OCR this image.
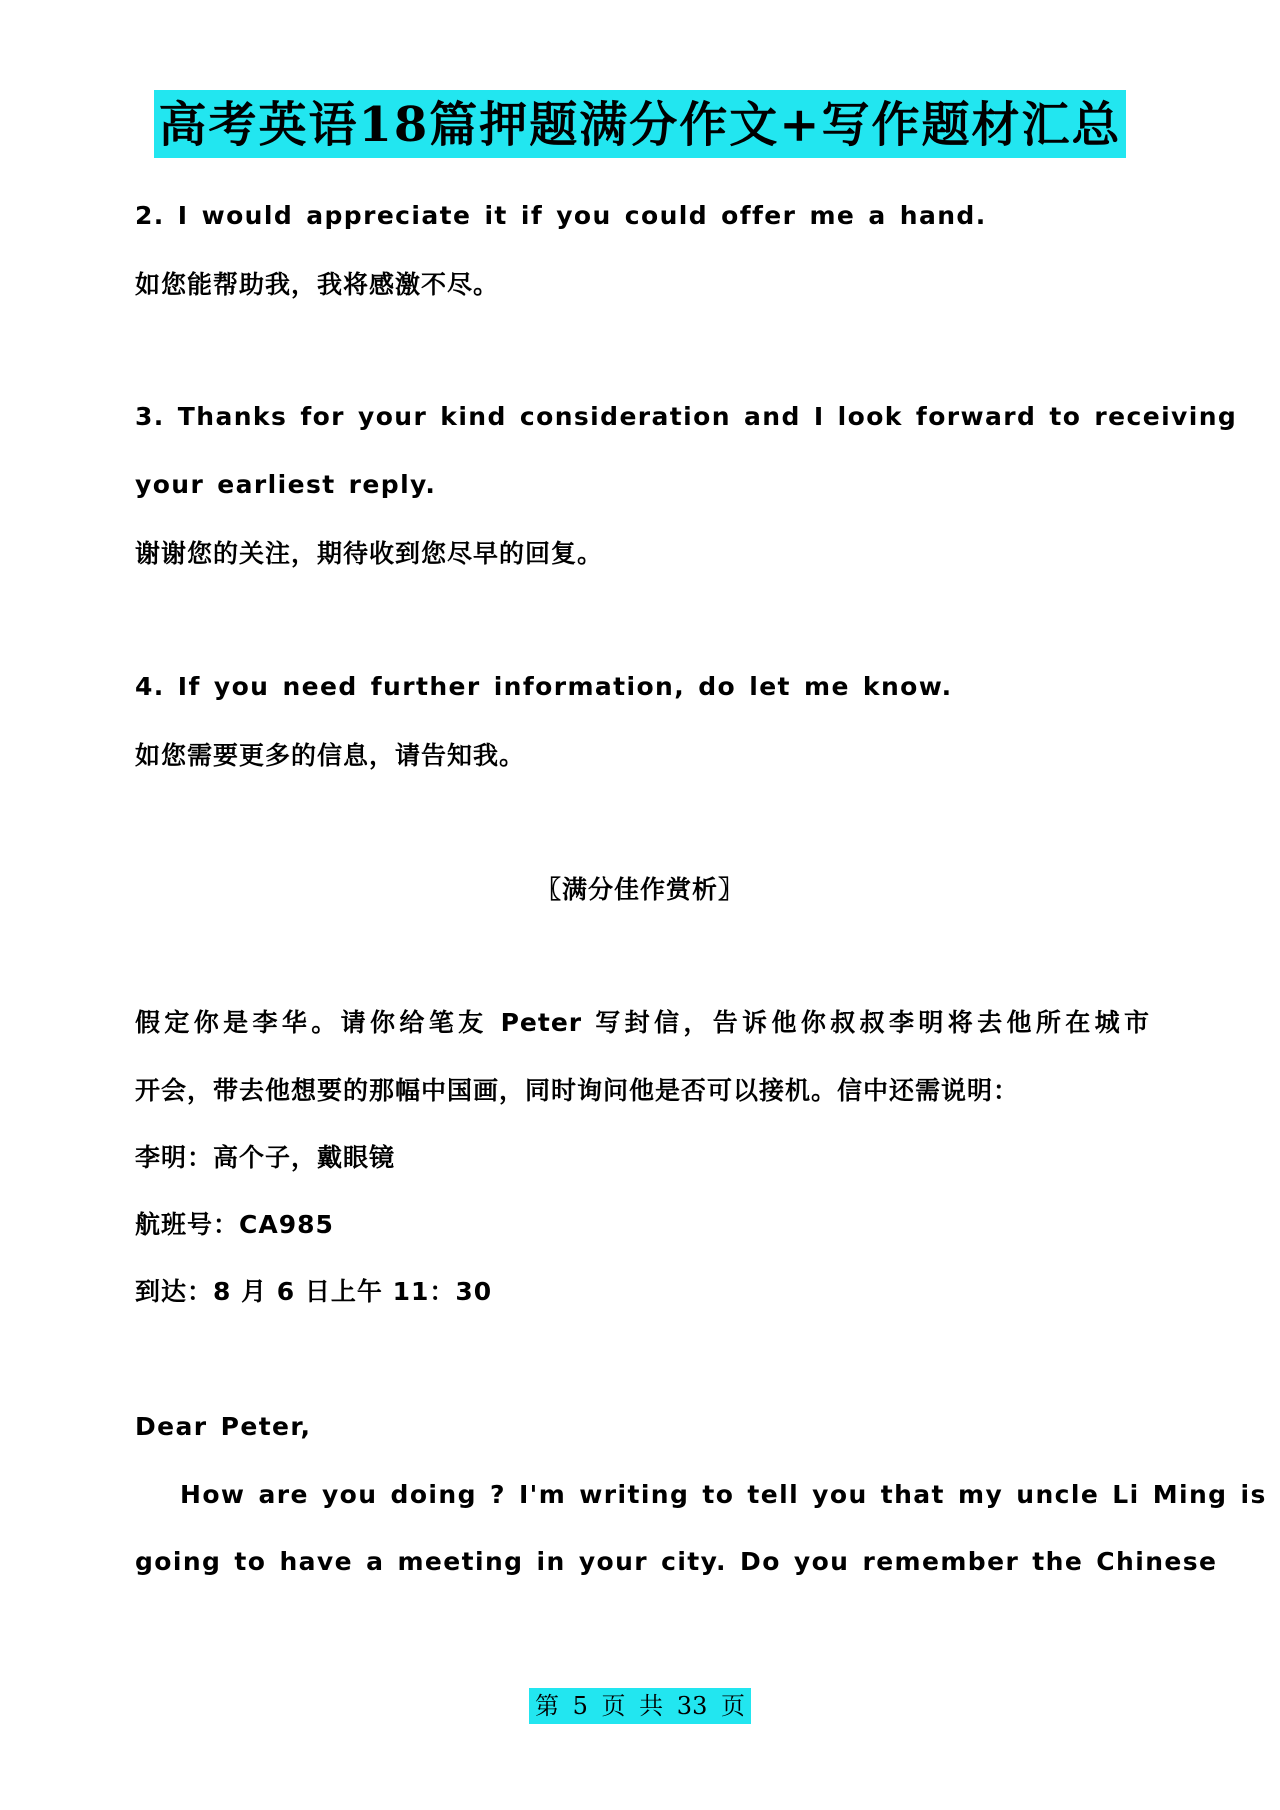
高考英语18篇押题满分作文+写作题材汇总
2. I would appreciate it if you could offer me a hand.
如您能帮助我，我将感激不尽。
3. Thanks for your kind consideration and I look forward to receiving
your earliest reply.
谢谢您的关注，期待收到您尽早的回复。
4. If you need further information, do let me know.
如您需要更多的信息，请告知我。
〖满分佳作赏析〗
假定你是李华。请你给笔友 Peter 写封信，告诉他你叔叔李明将去他所在城市
开会，带去他想要的那幅中国画，同时询问他是否可以接机。信中还需说明：
李明：高个子，戴眼镜
航班号：CA985
到达：8 月 6 日上午 11：30
Dear Peter,
How are you doing ? I'm writing to tell you that my uncle Li Ming is
going to have a meeting in your city. Do you remember the Chinese
第 5 页 共 33 页
